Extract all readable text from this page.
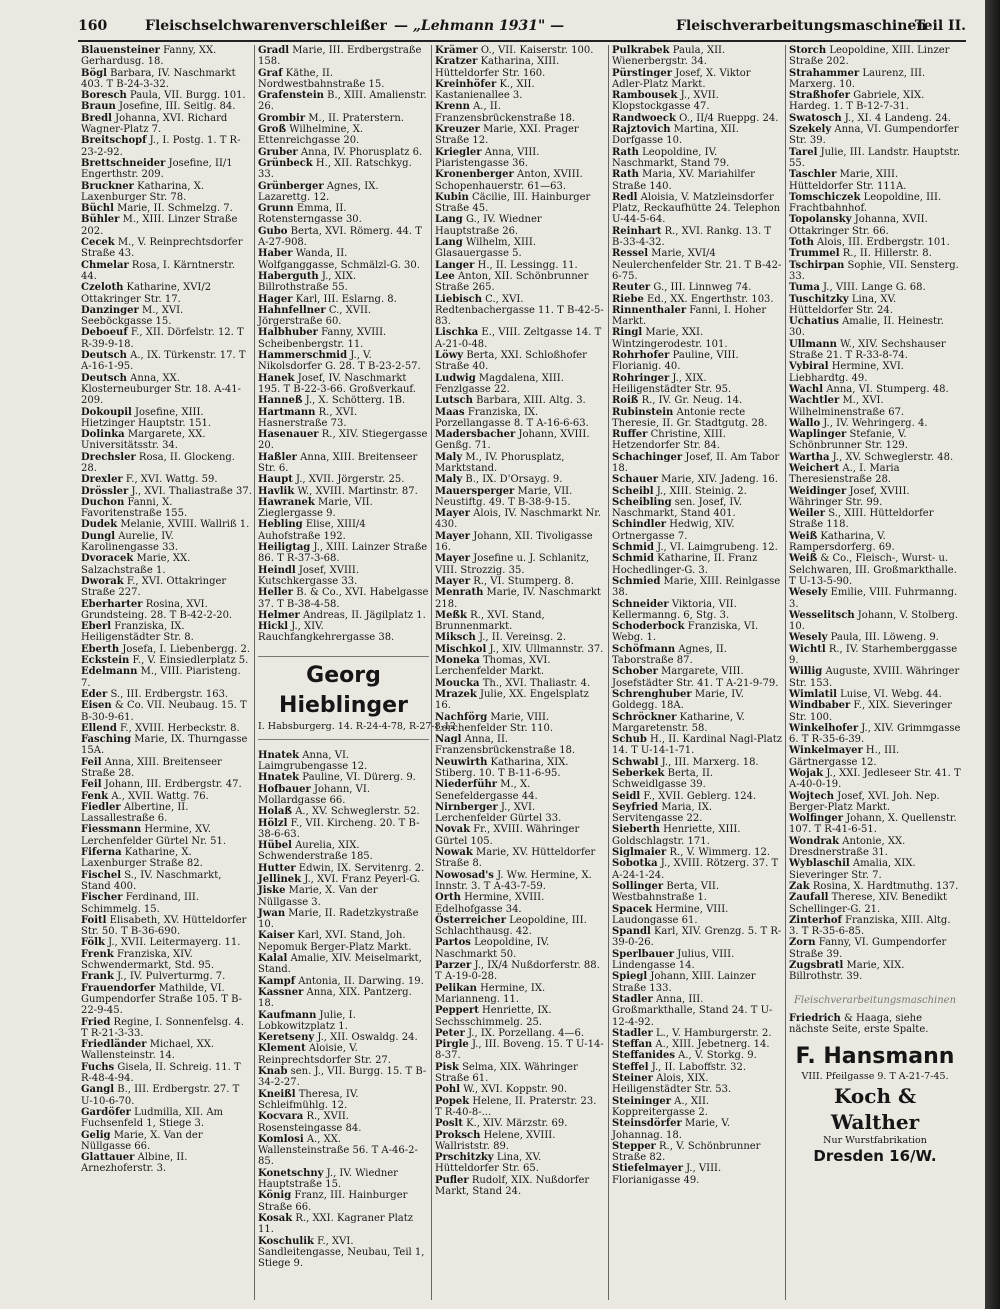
160	Fleischselchwarenverschleißer — „Lehmann 1931" —	Fleischverarbeitungsmaschinen
Teil II.
Blauensteiner Fanny, XX. Gerhardusg. 18.
Bögl Barbara, IV. Naschmarkt 403. T B-24-3-32.
Boresch Paula, VII. Burgg. 101.
Braun Josefine, III. Seitlg. 84.
Bredl Johanna, XVI. Richard Wagner-Platz 7.
Breitschopf J., I. Postg. 1. T R-23-2-92.
Brettschneider Josefine, II/1 Engerthstr. 209.
Bruckner Katharina, X. Laxenburger Str. 78.
Büchl Marie, II. Schmelzg. 7.
Bühler M., XIII. Linzer Straße 202.
Cecek M., V. Reinprechtsdorfer Straße 43.
Chmelar Rosa, I. Kärntnerstr. 44.
Czeloth Katharine, XVI/2 Ottakringer Str. 17.
Danzinger M., XVI. Seeböckgasse 15.
Deboeuf F., XII. Dörfelstr. 12. T R-39-9-18.
Deutsch A., IX. Türkenstr. 17. T A-16-1-95.
Deutsch Anna, XX. Klosterneuburger Str. 18. A-41-209.
Dokoupil Josefine, XIII. Hietzinger Hauptstr. 151.
Dolinka Margarete, XX. Universitätsstr. 34.
Drechsler Rosa, II. Glockeng. 28.
Drexler F., XVI. Wattg. 59.
Drössler J., XVI. Thaliastraße 37.
Duchon Fanni, X. Favoritenstraße 155.
Dudek Melanie, XVIII. Wallriß 1.
Dungl Aurelie, IV. Karolinengasse 33.
Dvoracek Marie, XX. Salzachstraße 1.
Dworak F., XVI. Ottakringer Straße 227.
Eberharter Rosina, XVI. Grundsteing. 28. T B-42-2-20.
Eberl Franziska, IX. Heiligenstädter Str. 8.
Eberth Josefa, I. Liebenbergg. 2.
Eckstein F., V. Einsiedlerplatz 5.
Edelmann M., VIII. Piaristeng. 7.
Eder S., III. Erdbergstr. 163.
Eisen & Co. VII. Neubaug. 15. T B-30-9-61.
Ellend F., XVIII. Herbeckstr. 8.
Fasching Marie, IX. Thurngasse 15A.
Feil Anna, XIII. Breitenseer Straße 28.
Feil Johann, III. Erdbergstr. 47.
Fenk A., XVII. Wattg. 76.
Fiedler Albertine, II. Lassallestraße 6.
Fiessmann Hermine, XV. Lerchenfelder Gürtel Nr. 51.
Fiferna Katharine, X. Laxenburger Straße 82.
Fischel S., IV. Naschmarkt, Stand 400.
Fischer Ferdinand, III. Schimmelg. 15.
Foitl Elisabeth, XV. Hütteldorfer Str. 50. T B-36-690.
Fölk J., XVII. Leitermayerg. 11.
Frenk Franziska, XIV. Schwendermarkt, Std. 95.
Frank J., IV. Pulverturmg. 7.
Frauendorfer Mathilde, VI. Gumpendorfer Straße 105. T B-22-9-45.
Fried Regine, I. Sonnenfelsg. 4. T R-21-3-33.
Friedländer Michael, XX. Wallensteinstr. 14.
Fuchs Gisela, II. Schreig. 11. T R-48-4-94.
Gangl B., III. Erdbergstr. 27. T U-10-6-70.
Gardöfer Ludmilla, XII. Am Fuchsenfeld 1, Stiege 3.
Gelig Marie, X. Van der Nüllgasse 66.
Glattauer Albine, II. Arnezhoferstr. 3.
Gradl Marie, III. Erdbergstraße 158.
Graf Käthe, II. Nordwestbahnstraße 15.
Grafenstein B., XIII. Amalienstr. 26.
Grombir M., II. Praterstern.
Groß Wilhelmine, X. Ettenreichgasse 20.
Gruber Anna, IV. Phorusplatz 6.
Grünbeck H., XII. Ratschkyg. 33.
Grünberger Agnes, IX. Lazarettg. 12.
Grunn Emma, II. Rotensterngasse 30.
Gubo Berta, XVI. Römerg. 44. T A-27-908.
Haber Wanda, II. Wolfganggasse, Schmälzl-G. 30.
Haberguth J., XIX. Billrothstraße 55.
Hager Karl, III. Eslarng. 8.
Hahnfellner C., XVII. Jörgerstraße 60.
Halbhuber Fanny, XVIII. Scheibenbergstr. 11.
Hammerschmid J., V. Nikolsdorfer G. 28. T B-23-2-57.
Hanek Josef, IV. Naschmarkt 195. T B-22-3-66. Großverkauf.
Hanneß J., X. Schötterg. 1B.
Hartmann R., XVI. Hasnerstraße 73.
Hasenauer R., XIV. Stiegergasse 20.
Haßler Anna, XIII. Breitenseer Str. 6.
Haupt J., XVII. Jörgerstr. 25.
Havlik W., XVIII. Martinstr. 87.
Hawranek Marie, VII. Zieglergasse 9.
Hebling Elise, XIII/4 Auhofstraße 192.
Heiligtag J., XIII. Lainzer Straße 86. T R-37-3-68.
Heindl Josef, XVIII. Kutschkergasse 33.
Heller B. & Co., XVI. Habelgasse 37. T B-38-4-58.
Helmer Andreas, II. Jägilplatz 1.
Hickl J., XIV. Rauchfangkehrergasse 38.
Georg Hieblinger
I. Habsburgerg. 14. R-24-4-78, R-27-8-12
Hnatek Anna, VI. Laimgrubengasse 12.
Hnatek Pauline, VI. Dürerg. 9.
Hofbauer Johann, VI. Mollardgasse 66.
Holaß A., XV. Schweglerstr. 52.
Hölzl F., VII. Kircheng. 20. T B-38-6-63.
Hübel Aurelia, XIX. Schwenderstraße 185.
Hutter Edwin, IX. Servitenrg. 2.
Jellinek J., XVI. Franz Peyerl-G.
Jiske Marie, X. Van der Nüllgasse 3.
Jwan Marie, II. Radetzkystraße 10.
Kaiser Karl, XVI. Stand, Joh. Nepomuk Berger-Platz Markt.
Kalal Amalie, XIV. Meiselmarkt, Stand.
Kampf Antonia, II. Darwing. 19.
Kassner Anna, XIX. Pantzerg. 18.
Kaufmann Julie, I. Lobkowitzplatz 1.
Keretseny J., XII. Oswaldg. 24.
Klement Aloisie, V. Reinprechtsdorfer Str. 27.
Knab sen. J., VII. Burgg. 15. T B-34-2-27.
Kneißl Theresa, IV. Schleifmühlg. 12.
Kocvara R., XVII. Rosensteingasse 84.
Komlosi A., XX. Wallensteinstraße 56. T A-46-2-85.
Konetschny J., IV. Wiedner Hauptstraße 15.
König Franz, III. Hainburger Straße 66.
Kosak R., XXI. Kagraner Platz 11.
Koschulik F., XVI. Sandleitengasse, Neubau, Teil 1, Stiege 9.
Krämer O., VII. Kaiserstr. 100.
Kratzer Katharina, XIII. Hütteldorfer Str. 160.
Kreinhöfer K., XII. Kastanienallee 3.
Krenn A., II. Franzensbrückenstraße 18.
Kreuzer Marie, XXI. Prager Straße 12.
Kriegler Anna, VIII. Piaristengasse 36.
Kronenberger Anton, XVIII. Schopenhauerstr. 61—63.
Kubin Cäcilie, III. Hainburger Straße 45.
Lang G., IV. Wiedner Hauptstraße 26.
Lang Wilhelm, XIII. Glasauergasse 5.
Langer H., II. Lessingg. 11.
Lee Anton, XII. Schönbrunner Straße 265.
Liebisch C., XVI. Redtenbachergasse 11. T B-42-5-83.
Lischka E., VIII. Zeltgasse 14. T A-21-0-48.
Löwy Berta, XXI. Schloßhofer Straße 40.
Ludwig Magdalena, XIII. Fenzlgasse 22.
Lutsch Barbara, XIII. Altg. 3.
Maas Franziska, IX. Porzellangasse 8. T A-16-6-63.
Madersbacher Johann, XVIII. Genßg. 71.
Maly M., IV. Phorusplatz, Marktstand.
Maly B., IX. D'Orsayg. 9.
Mauersperger Marie, VII. Neustiftg. 49. T B-38-9-15.
Mayer Alois, IV. Naschmarkt Nr. 430.
Mayer Johann, XII. Tivoligasse 16.
Mayer Josefine u. J. Schlanitz, VIII. Strozzig. 35.
Mayer R., VI. Stumperg. 8.
Menrath Marie, IV. Naschmarkt 218.
Meßk R., XVI. Stand, Brunnenmarkt.
Miksch J., II. Vereinsg. 2.
Mischkol J., XIV. Ullmannstr. 37.
Moneka Thomas, XVI. Lerchenfelder Markt.
Moucka Th., XVI. Thaliastr. 4.
Mrazek Julie, XX. Engelsplatz 16.
Nachförg Marie, VIII. Lerchenfelder Str. 110.
Nagl Anna, II. Franzensbrückenstraße 18.
Neuwirth Katharina, XIX. Stiberg. 10. T B-11-6-95.
Niederführ M., X. Senefeldergasse 44.
Nirnberger J., XVI. Lerchenfelder Gürtel 33.
Novak Fr., XVIII. Währinger Gürtel 105.
Nowak Marie, XV. Hütteldorfer Straße 8.
Nowosad's J. Ww. Hermine, X. Innstr. 3. T A-43-7-59.
Orth Hermine, XVIII. Edelhofgasse 34.
Österreicher Leopoldine, III. Schlachthausg. 42.
Partos Leopoldine, IV. Naschmarkt 50.
Parzer J., IX/4 Nußdorferstr. 88. T A-19-0-28.
Pelikan Hermine, IX. Marianneng. 11.
Peppert Henriette, IX. Sechsschimmelg. 25.
Peter J., IX. Porzellang. 4—6.
Pirgle J., III. Boveng. 15. T U-14-8-37.
Pisk Selma, XIX. Währinger Straße 61.
Pohl W., XVI. Koppstr. 90.
Popek Helene, II. Praterstr. 23. T R-40-8-...
Poslt K., XIV. Märzstr. 69.
Proksch Helene, XVIII. Wallriststr. 89.
Prschitzky Lina, XV. Hütteldorfer Str. 65.
Pufler Rudolf, XIX. Nußdorfer Markt, Stand 24.
Pulkrabek Paula, XII. Wienerbergstr. 34.
Pürstinger Josef, X. Viktor Adler-Platz Markt.
Rambousek J., XVII. Klopstockgasse 47.
Randwoeck O., II/4 Rueppg. 24.
Rajztovich Martina, XII. Dorfgasse 10.
Rath Leopoldine, IV. Naschmarkt, Stand 79.
Rath Maria, XV. Mariahilfer Straße 140.
Redl Aloisia, V. Matzleinsdorfer Platz, Reckaufhütte 24. Telephon U-44-5-64.
Reinhart R., XVI. Rankg. 13. T B-33-4-32.
Ressel Marie, XVI/4 Neulerchenfelder Str. 21. T B-42-6-75.
Reuter G., III. Linnweg 74.
Riebe Ed., XX. Engerthstr. 103.
Rinnenthaler Fanni, I. Hoher Markt.
Ringl Marie, XXI. Wintzingerodestr. 101.
Rohrhofer Pauline, VIII. Florianig. 40.
Rohringer J., XIX. Heiligenstädter Str. 95.
Roiß R., IV. Gr. Neug. 14.
Rubinstein Antonie recte Theresie, II. Gr. Stadtgutg. 28.
Ruffer Christine, XIII. Hetzendorfer Str. 84.
Schachinger Josef, II. Am Tabor 18.
Schauer Marie, XIV. Jadeng. 16.
Scheibl J., XIII. Steinig. 2.
Scheibling sen. Josef, IV. Naschmarkt, Stand 401.
Schindler Hedwig, XIV. Ortnergasse 7.
Schmid J., VI. Laimgrubeng. 12.
Schmid Katharine, II. Franz Hochedlinger-G. 3.
Schmied Marie, XIII. Reinlgasse 38.
Schneider Viktoria, VII. Kellermanng. 6, Stg. 3.
Schoderbock Franziska, VI. Webg. 1.
Schöfmann Agnes, II. Taborstraße 87.
Schober Margarete, VIII. Josefstädter Str. 41. T A-21-9-79.
Schrenghuber Marie, IV. Goldegg. 18A.
Schröckner Katharine, V. Margaretenstr. 58.
Schub H., II. Kardinal Nagl-Platz 14. T U-14-1-71.
Schwabl J., III. Marxerg. 18.
Seberkek Berta, II. Schweidlgasse 39.
Seidl F., XVII. Geblerg. 124.
Seyfried Maria, IX. Servitengasse 22.
Sieberth Henriette, XIII. Goldschlagstr. 171.
Siglmaier R., V. Wimmerg. 12.
Sobotka J., XVIII. Rötzerg. 37. T A-24-1-24.
Sollinger Berta, VII. Westbahnstraße 1.
Spacek Hermine, VIII. Laudongasse 61.
Spandl Karl, XIV. Grenzg. 5. T R-39-0-26.
Sperlbauer Julius, VIII. Lindengasse 14.
Spiegl Johann, XIII. Lainzer Straße 133.
Stadler Anna, III. Großmarkthalle, Stand 24. T U-12-4-92.
Stadler L., V. Hamburgerstr. 2.
Steffan A., XIII. Jebetnerg. 14.
Steffanides A., V. Storkg. 9.
Steffel J., II. Laboffstr. 32.
Steiner Alois, XIX. Heiligenstädter Str. 53.
Steininger A., XII. Koppreitergasse 2.
Steinsdörfer Marie, V. Johannag. 18.
Stepper R., V. Schönbrunner Straße 82.
Stiefelmayer J., VIII. Florianigasse 49.
Storch Leopoldine, XIII. Linzer Straße 202.
Strahammer Laurenz, III. Marxerg. 10.
Straßhofer Gabriele, XIX. Hardeg. 1. T B-12-7-31.
Swatosch J., XI. 4 Landeng. 24.
Szekely Anna, VI. Gumpendorfer Str. 39.
Tarel Julie, III. Landstr. Hauptstr. 55.
Taschler Marie, XIII. Hütteldorfer Str. 111A.
Tomschiczek Leopoldine, III. Frachtbahnhof.
Topolansky Johanna, XVII. Ottakringer Str. 66.
Toth Alois, III. Erdbergstr. 101.
Trummel R., II. Hillerstr. 8.
Tschirpan Sophie, VII. Sensterg. 33.
Tuma J., VIII. Lange G. 68.
Tuschitzky Lina, XV. Hütteldorfer Str. 24.
Uchatius Amalie, II. Heinestr. 30.
Ullmann W., XIV. Sechshauser Straße 21. T R-33-8-74.
Vybiral Hermine, XVI. Liebhardtg. 49.
Wachl Anna, VI. Stumperg. 48.
Wachtler M., XVI. Wilhelminenstraße 67.
Wallo J., IV. Wehringerg. 4.
Waplinger Stefanie, V. Schönbrunner Str. 129.
Wartha J., XV. Schweglerstr. 48.
Weichert A., I. Maria Theresienstraße 28.
Weidinger Josef, XVIII. Währinger Str. 99.
Weiler S., XIII. Hütteldorfer Straße 118.
Weiß Katharina, V. Rampersdorferg. 69.
Weiß & Co., Fleisch-, Wurst- u. Selchwaren, III. Großmarkthalle. T U-13-5-90.
Wesely Emilie, VIII. Fuhrmanng. 3.
Wesselitsch Johann, V. Stolberg. 10.
Wesely Paula, III. Löweng. 9.
Wichtl R., IV. Starhemberggasse 9.
Willig Auguste, XVIII. Währinger Str. 153.
Wimlatil Luise, VI. Webg. 44.
Windbaber F., XIX. Sieveringer Str. 100.
Winkelhofer J., XIV. Grimmgasse 6. T R-35-6-39.
Winkelmayer H., III. Gärtnergasse 12.
Wojak J., XXI. Jedleseer Str. 41. T A-40-0-19.
Wojtech Josef, XVI. Joh. Nep. Berger-Platz Markt.
Wolfinger Johann, X. Quellenstr. 107. T R-41-6-51.
Wondrak Antonie, XX. Dresdnerstraße 31.
Wyblaschil Amalia, XIX. Sieveringer Str. 7.
Zak Rosina, X. Hardtmuthg. 137.
Zaufall Therese, XIV. Benedikt Schellinger-G. 21.
Zinterhof Franziska, XIII. Altg. 3. T R-35-6-85.
Zorn Fanny, VI. Gumpendorfer Straße 39.
Zugsbratl Marie, XIX. Billrothstr. 39.
Fleischverarbeitungsmaschinen
Friedrich & Haaga, siehe nächste Seite, erste Spalte.
F. Hansmann
VIII. Pfeilgasse 9. T A-21-7-45.
Koch & Walther
Nur Wurstfabrikation
Dresden 16/W.
